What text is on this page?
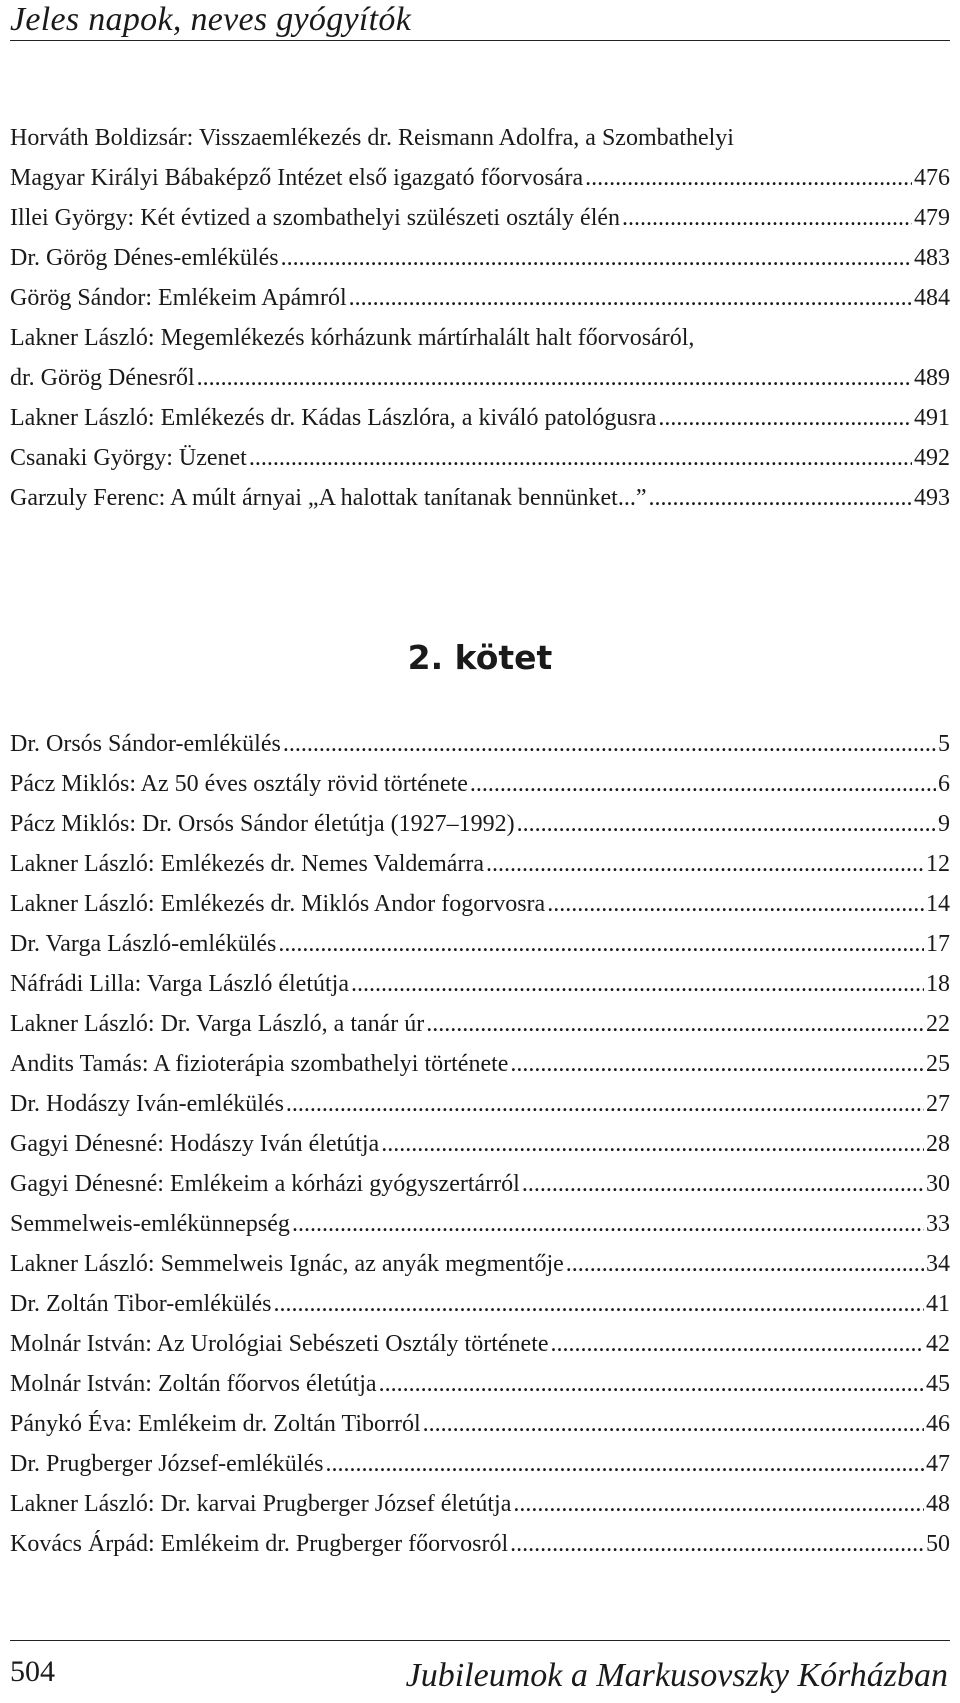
Jeles napok, neves gyógyítók
Horváth Boldizsár: Visszaemlékezés dr. Reismann Adolfra, a Szombathelyi
Magyar Királyi Bábaképző Intézet első igazgató főorvosára .....	476
Illei György: Két évtized a szombathelyi szülészeti osztály élén .....	479
Dr. Görög Dénes-emlékülés .....	483
Görög Sándor: Emlékeim Apámról .....	484
Lakner László: Megemlékezés kórházunk mártírhalált halt főorvosáról,
dr. Görög Dénesről .....	489
Lakner László: Emlékezés dr. Kádas Lászlóra, a kiváló patológusra .....	491
Csanaki György: Üzenet .....	492
Garzuly Ferenc: A múlt árnyai „A halottak tanítanak bennünket...” .....	493
2. kötet
Dr. Orsós Sándor-emlékülés .....	5
Pácz Miklós: Az 50 éves osztály rövid története .....	6
Pácz Miklós: Dr. Orsós Sándor életútja (1927–1992) .....	9
Lakner László: Emlékezés dr. Nemes Valdemárra .....	12
Lakner László: Emlékezés dr. Miklós Andor fogorvosra .....	14
Dr. Varga László-emlékülés .....	17
Náfrádi Lilla: Varga László életútja .....	18
Lakner László: Dr. Varga László, a tanár úr .....	22
Andits Tamás: A fizioterápia szombathelyi története .....	25
Dr. Hodászy Iván-emlékülés .....	27
Gagyi Dénesné: Hodászy Iván életútja .....	28
Gagyi Dénesné: Emlékeim a kórházi gyógyszertárról .....	30
Semmelweis-emlékünnepség .....	33
Lakner László: Semmelweis Ignác, az anyák megmentője .....	34
Dr. Zoltán Tibor-emlékülés .....	41
Molnár István: Az Urológiai Sebészeti Osztály története .....	42
Molnár István: Zoltán főorvos életútja .....	45
Pánykó Éva: Emlékeim dr. Zoltán Tiborról .....	46
Dr. Prugberger József-emlékülés .....	47
Lakner László: Dr. karvai Prugberger József életútja .....	48
Kovács Árpád: Emlékeim dr. Prugberger főorvosról .....	50
504	Jubileumok a Markusovszky Kórházban
